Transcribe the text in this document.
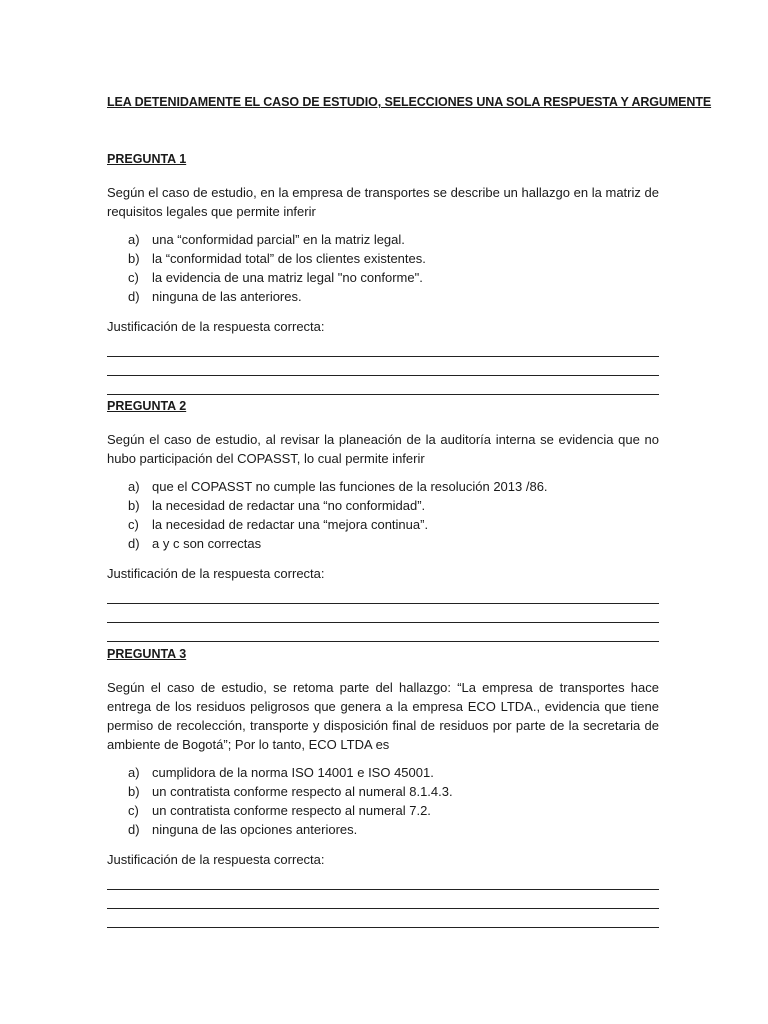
LEA DETENIDAMENTE EL CASO DE ESTUDIO, SELECCIONES UNA SOLA RESPUESTA Y ARGUMENTE
PREGUNTA 1
Según el caso de estudio, en la empresa de transportes se describe un hallazgo en la matriz de requisitos legales que permite inferir
a) una “conformidad parcial” en la matriz legal.
b) la “conformidad total” de los clientes existentes.
c)	la evidencia de una matriz legal "no conforme".
d) ninguna de las anteriores.
Justificación de la respuesta correcta:
PREGUNTA 2
Según el caso de estudio, al revisar la planeación de la auditoría interna se evidencia que no hubo participación del COPASST, lo cual permite inferir
a) que el COPASST no cumple las funciones de la resolución 2013 /86.
b) la necesidad de redactar una “no conformidad”.
c)	la necesidad de redactar una “mejora continua”.
d) a y c son correctas
Justificación de la respuesta correcta:
PREGUNTA 3
Según el caso de estudio, se retoma parte del hallazgo: “La empresa de transportes hace entrega de los residuos peligrosos que genera a la empresa ECO LTDA., evidencia que tiene permiso de recolección, transporte y disposición final de residuos por parte de la secretaria de ambiente de Bogotá”; Por lo tanto, ECO LTDA es
a) cumplidora de la norma ISO 14001 e ISO 45001.
b) un contratista conforme respecto al numeral 8.1.4.3.
c)	un contratista conforme respecto al numeral 7.2.
d) ninguna de las opciones anteriores.
Justificación de la respuesta correcta:
